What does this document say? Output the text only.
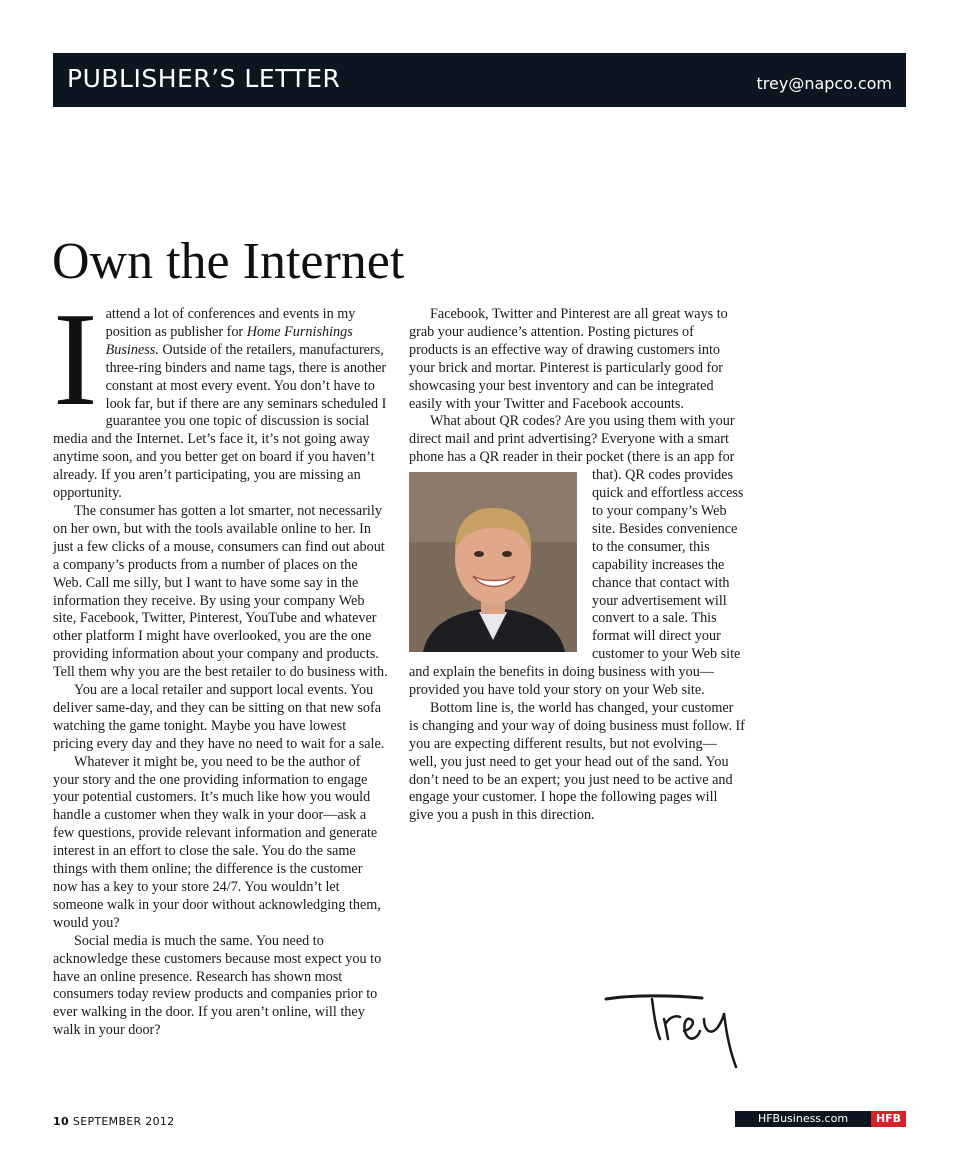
PUBLISHER’S LETTER	trey@napco.com
Own the Internet

Iattend a lot of conferences and events in my position as publisher for Home Furnishings Business. Outside of the retailers, manufacturers, three-ring binders and name tags, there is another constant at most every event. You don’t have to look far, but if there are any seminars scheduled I guarantee you one topic of discussion is social media and the Internet. Let’s face it, it’s not going away anytime soon, and you better get on board if you haven’t already. If you aren’t participating, you are missing an opportunity.

The consumer has gotten a lot smarter, not necessarily on her own, but with the tools available online to her. In just a few clicks of a mouse, consumers can find out about a company’s products from a number of places on the Web. Call me silly, but I want to have some say in the information they receive. By using your company Web site, Facebook, Twitter, Pinterest, YouTube and whatever other platform I might have overlooked, you are the one providing information about your company and products. Tell them why you are the best retailer to do business with.

You are a local retailer and support local events. You deliver same-day, and they can be sitting on that new sofa watching the game tonight. Maybe you have lowest pricing every day and they have no need to wait for a sale.

Whatever it might be, you need to be the author of your story and the one providing information to engage your potential customers. It’s much like how you would handle a customer when they walk in your door—ask a few questions, provide relevant information and generate interest in an effort to close the sale. You do the same things with them online; the difference is the customer now has a key to your store 24/7. You wouldn’t let someone walk in your door without acknowledging them, would you?

Social media is much the same. You need to acknowledge these customers because most expect you to have an online presence. Research has shown most consumers today review products and companies prior to ever walking in the door. If you aren’t online, will they walk in your door?

Facebook, Twitter and Pinterest are all great ways to grab your audience’s attention. Posting pictures of products is an effective way of drawing customers into your brick and mortar. Pinterest is particularly good for showcasing your best inventory and can be integrated easily with your Twitter and Facebook accounts.

What about QR codes? Are you using them with your direct mail and print advertising? Everyone with a smart phone has a QR reader in their
pocket (there is an app for that). QR codes provides quick and effortless access to your company’s Web site. Besides convenience to the consumer, this capability increases the chance that contact with your advertisement will convert to a sale. This format will direct your customer to your Web site and explain the benefits in doing business with you—provided you have told your story on your Web site.

Bottom line is, the world has changed, your customer is changing and your way of doing business must follow. If you are expecting different results, but not evolving— well, you just need to get your head out of the sand. You don’t need to be an expert; you just need to be active and engage your customer. I hope the following pages will give you a push in this direction.

10 SEPTEMBER 2012	HFBusiness.com	HFB
